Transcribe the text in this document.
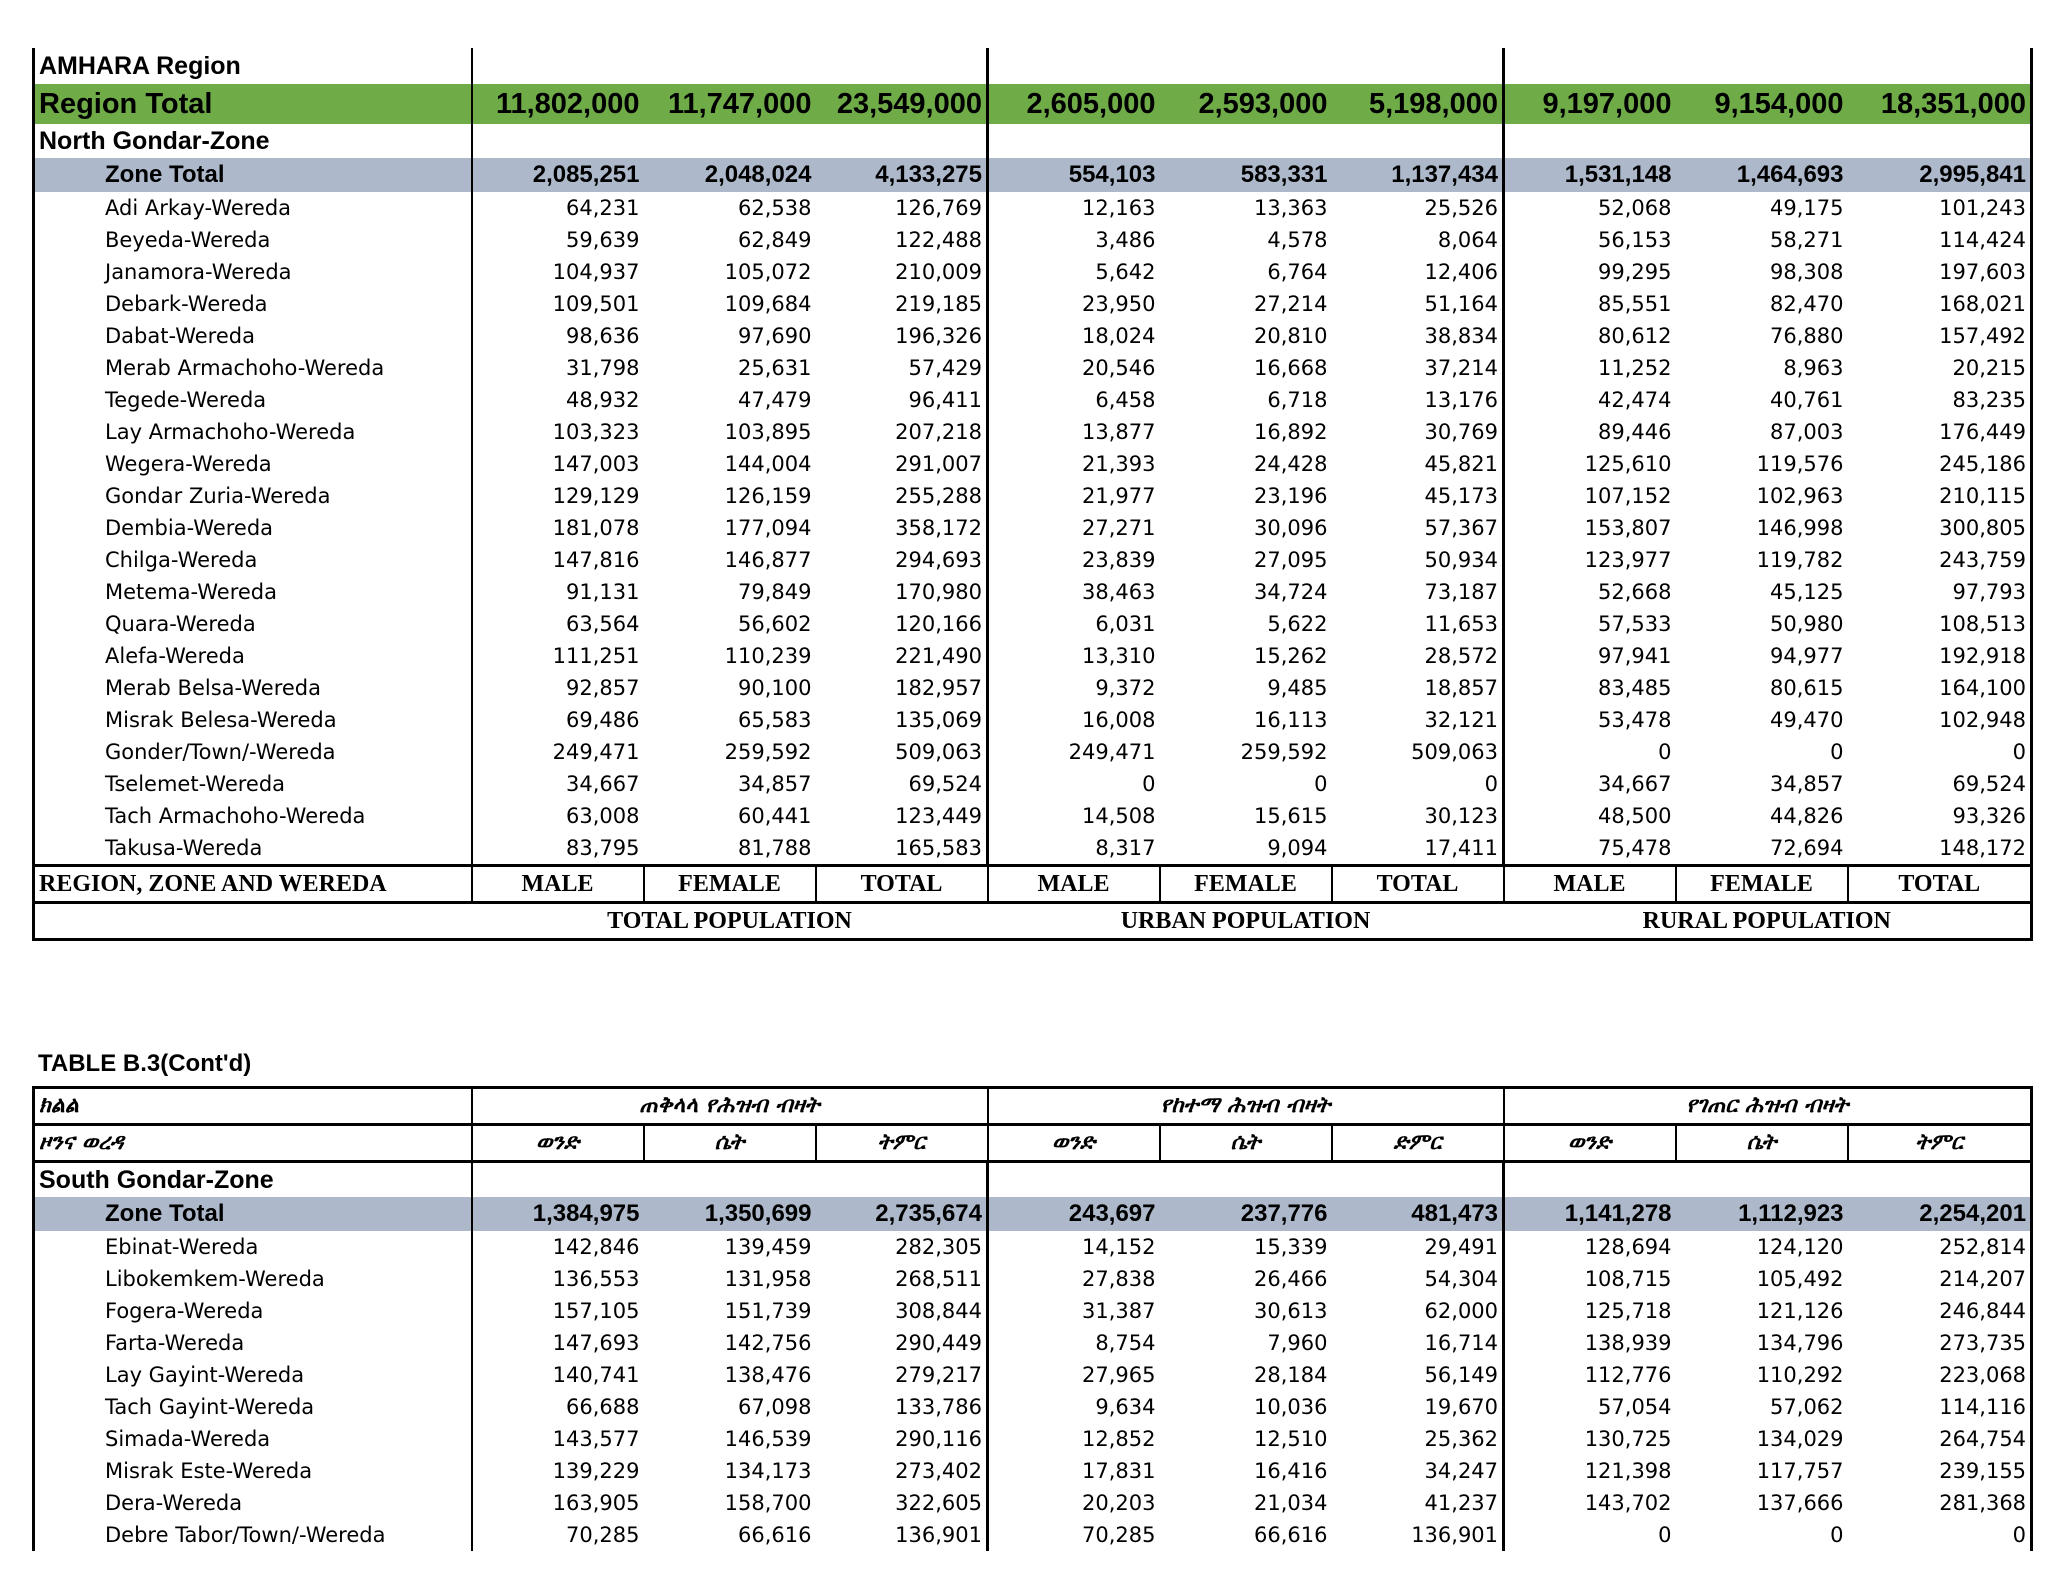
AMHARA Region									
Region Total	11,802,000	11,747,000	23,549,000	2,605,000	2,593,000	5,198,000	9,197,000	9,154,000	18,351,000
North Gondar-Zone									
Zone Total	2,085,251	2,048,024	4,133,275	554,103	583,331	1,137,434	1,531,148	1,464,693	2,995,841
Adi Arkay-Wereda	64,231	62,538	126,769	12,163	13,363	25,526	52,068	49,175	101,243
Beyeda-Wereda	59,639	62,849	122,488	3,486	4,578	8,064	56,153	58,271	114,424
Janamora-Wereda	104,937	105,072	210,009	5,642	6,764	12,406	99,295	98,308	197,603
Debark-Wereda	109,501	109,684	219,185	23,950	27,214	51,164	85,551	82,470	168,021
Dabat-Wereda	98,636	97,690	196,326	18,024	20,810	38,834	80,612	76,880	157,492
Merab Armachoho-Wereda	31,798	25,631	57,429	20,546	16,668	37,214	11,252	8,963	20,215
Tegede-Wereda	48,932	47,479	96,411	6,458	6,718	13,176	42,474	40,761	83,235
Lay Armachoho-Wereda	103,323	103,895	207,218	13,877	16,892	30,769	89,446	87,003	176,449
Wegera-Wereda	147,003	144,004	291,007	21,393	24,428	45,821	125,610	119,576	245,186
Gondar Zuria-Wereda	129,129	126,159	255,288	21,977	23,196	45,173	107,152	102,963	210,115
Dembia-Wereda	181,078	177,094	358,172	27,271	30,096	57,367	153,807	146,998	300,805
Chilga-Wereda	147,816	146,877	294,693	23,839	27,095	50,934	123,977	119,782	243,759
Metema-Wereda	91,131	79,849	170,980	38,463	34,724	73,187	52,668	45,125	97,793
Quara-Wereda	63,564	56,602	120,166	6,031	5,622	11,653	57,533	50,980	108,513
Alefa-Wereda	111,251	110,239	221,490	13,310	15,262	28,572	97,941	94,977	192,918
Merab Belsa-Wereda	92,857	90,100	182,957	9,372	9,485	18,857	83,485	80,615	164,100
Misrak Belesa-Wereda	69,486	65,583	135,069	16,008	16,113	32,121	53,478	49,470	102,948
Gonder/Town/-Wereda	249,471	259,592	509,063	249,471	259,592	509,063	0	0	0
Tselemet-Wereda	34,667	34,857	69,524	0	0	0	34,667	34,857	69,524
Tach Armachoho-Wereda	63,008	60,441	123,449	14,508	15,615	30,123	48,500	44,826	93,326
Takusa-Wereda	83,795	81,788	165,583	8,317	9,094	17,411	75,478	72,694	148,172
REGION, ZONE AND WEREDA	MALE	FEMALE	TOTAL	MALE	FEMALE	TOTAL	MALE	FEMALE	TOTAL
	TOTAL POPULATION			URBAN POPULATION			RURAL POPULATION		
TABLE B.3(Cont'd)
ክልል	ጠቅላላ የሕዝብ ብዛት			የከተማ ሕዝብ ብዛት			የገጠር ሕዝብ ብዛት		
ዞንና ወረዳ	ወንድ	ሴት	ትምር	ወንድ	ሴት	ድምር	ወንድ	ሴት	ትምር
South Gondar-Zone									
Zone Total	1,384,975	1,350,699	2,735,674	243,697	237,776	481,473	1,141,278	1,112,923	2,254,201
Ebinat-Wereda	142,846	139,459	282,305	14,152	15,339	29,491	128,694	124,120	252,814
Libokemkem-Wereda	136,553	131,958	268,511	27,838	26,466	54,304	108,715	105,492	214,207
Fogera-Wereda	157,105	151,739	308,844	31,387	30,613	62,000	125,718	121,126	246,844
Farta-Wereda	147,693	142,756	290,449	8,754	7,960	16,714	138,939	134,796	273,735
Lay Gayint-Wereda	140,741	138,476	279,217	27,965	28,184	56,149	112,776	110,292	223,068
Tach Gayint-Wereda	66,688	67,098	133,786	9,634	10,036	19,670	57,054	57,062	114,116
Simada-Wereda	143,577	146,539	290,116	12,852	12,510	25,362	130,725	134,029	264,754
Misrak Este-Wereda	139,229	134,173	273,402	17,831	16,416	34,247	121,398	117,757	239,155
Dera-Wereda	163,905	158,700	322,605	20,203	21,034	41,237	143,702	137,666	281,368
Debre Tabor/Town/-Wereda	70,285	66,616	136,901	70,285	66,616	136,901	0	0	0
